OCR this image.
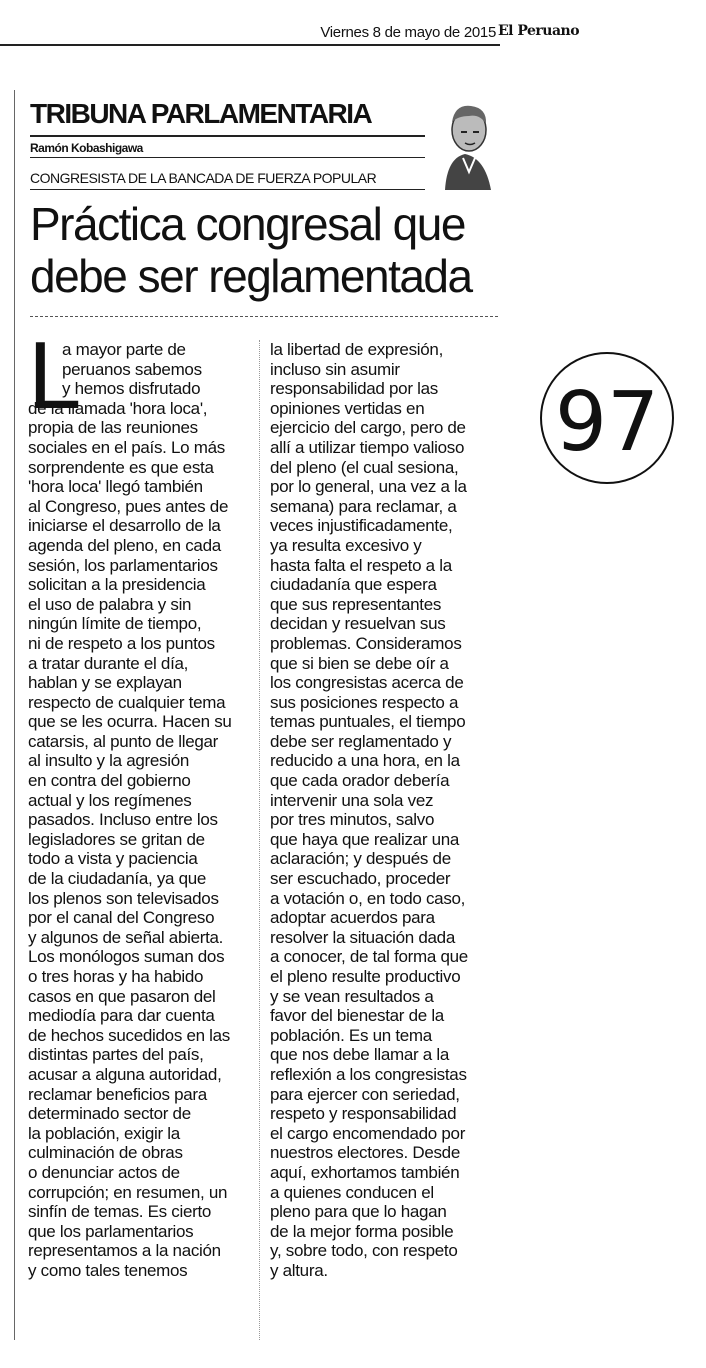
Viernes 8 de mayo de 2015 El Peruano
TRIBUNA PARLAMENTARIA
Ramón Kobashigawa
CONGRESISTA DE LA BANCADA DE FUERZA POPULAR
Práctica congresal que debe ser reglamentada
L
a mayor parte de
peruanos sabemos
y hemos disfrutado
de la llamada 'hora loca',
propia de las reuniones
sociales en el país. Lo más
sorprendente es que esta
'hora loca' llegó también
al Congreso, pues antes de
iniciarse el desarrollo de la
agenda del pleno, en cada
sesión, los parlamentarios
solicitan a la presidencia
el uso de palabra y sin
ningún límite de tiempo,
ni de respeto a los puntos
a tratar durante el día,
hablan y se explayan
respecto de cualquier tema
que se les ocurra. Hacen su
catarsis, al punto de llegar
al insulto y la agresión
en contra del gobierno
actual y los regímenes
pasados. Incluso entre los
legisladores se gritan de
todo a vista y paciencia
de la ciudadanía, ya que
los plenos son televisados
por el canal del Congreso
y algunos de señal abierta.
Los monólogos suman dos
o tres horas y ha habido
casos en que pasaron del
mediodía para dar cuenta
de hechos sucedidos en las
distintas partes del país,
acusar a alguna autoridad,
reclamar beneficios para
determinado sector de
la población, exigir la
culminación de obras
o denunciar actos de
corrupción; en resumen, un
sinfín de temas. Es cierto
que los parlamentarios
representamos a la nación
y como tales tenemos
la libertad de expresión,
incluso sin asumir
responsabilidad por las
opiniones vertidas en
ejercicio del cargo, pero de
allí a utilizar tiempo valioso
del pleno (el cual sesiona,
por lo general, una vez a la
semana) para reclamar, a
veces injustificadamente,
ya resulta excesivo y
hasta falta el respeto a la
ciudadanía que espera
que sus representantes
decidan y resuelvan sus
problemas. Consideramos
que si bien se debe oír a
los congresistas acerca de
sus posiciones respecto a
temas puntuales, el tiempo
debe ser reglamentado y
reducido a una hora, en la
que cada orador debería
intervenir una sola vez
por tres minutos, salvo
que haya que realizar una
aclaración; y después de
ser escuchado, proceder
a votación o, en todo caso,
adoptar acuerdos para
resolver la situación dada
a conocer, de tal forma que
el pleno resulte productivo
y se vean resultados a
favor del bienestar de la
población. Es un tema
que nos debe llamar a la
reflexión a los congresistas
para ejercer con seriedad,
respeto y responsabilidad
el cargo encomendado por
nuestros electores. Desde
aquí, exhortamos también
a quienes conducen el
pleno para que lo hagan
de la mejor forma posible
y, sobre todo, con respeto
y altura.
97
